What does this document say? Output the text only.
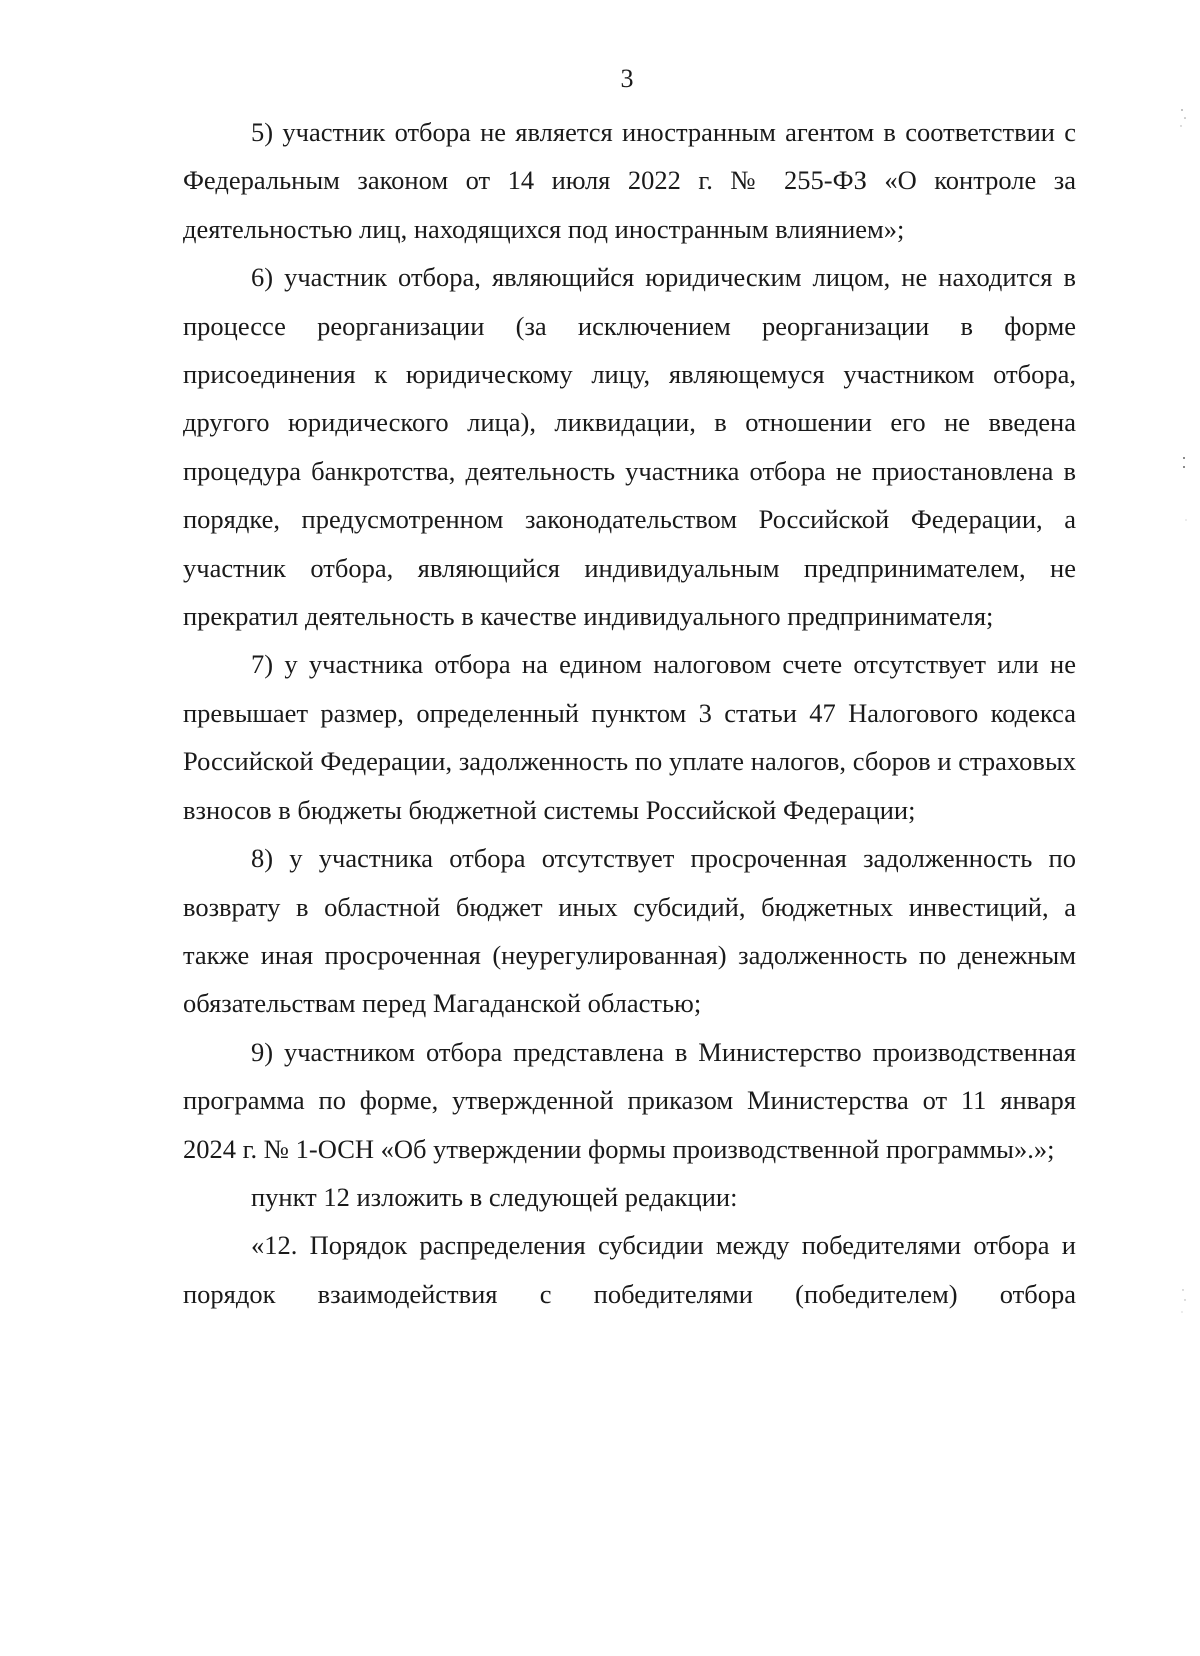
3

5) участник отбора не является иностранным агентом в соответствии с Федеральным законом от 14 июля 2022 г. № 255-ФЗ «О контроле за деятельностью лиц, находящихся под иностранным влиянием»;

6) участник отбора, являющийся юридическим лицом, не находится в процессе реорганизации (за исключением реорганизации в форме присоединения к юридическому лицу, являющемуся участником отбора, другого юридического лица), ликвидации, в отношении его не введена процедура банкротства, деятельность участника отбора не приостановлена в порядке, предусмотренном законодательством Российской Федерации, а участник отбора, являющийся индивидуальным предпринимателем, не прекратил деятельность в качестве индивидуального предпринимателя;

7) у участника отбора на едином налоговом счете отсутствует или не превышает размер, определенный пунктом 3 статьи 47 Налогового кодекса Российской Федерации, задолженность по уплате налогов, сборов и страховых взносов в бюджеты бюджетной системы Российской Федерации;

8) у участника отбора отсутствует просроченная задолженность по возврату в областной бюджет иных субсидий, бюджетных инвестиций, а также иная просроченная (неурегулированная) задолженность по денежным обязательствам перед Магаданской областью;

9) участником отбора представлена в Министерство производственная программа по форме, утвержденной приказом Министерства от 11 января 2024 г. № 1-ОСН «Об утверждении формы производственной программы».»;

пункт 12 изложить в следующей редакции:

«12. Порядок распределения субсидии между победителями отбора и порядок взаимодействия с победителями (победителем) отбора
